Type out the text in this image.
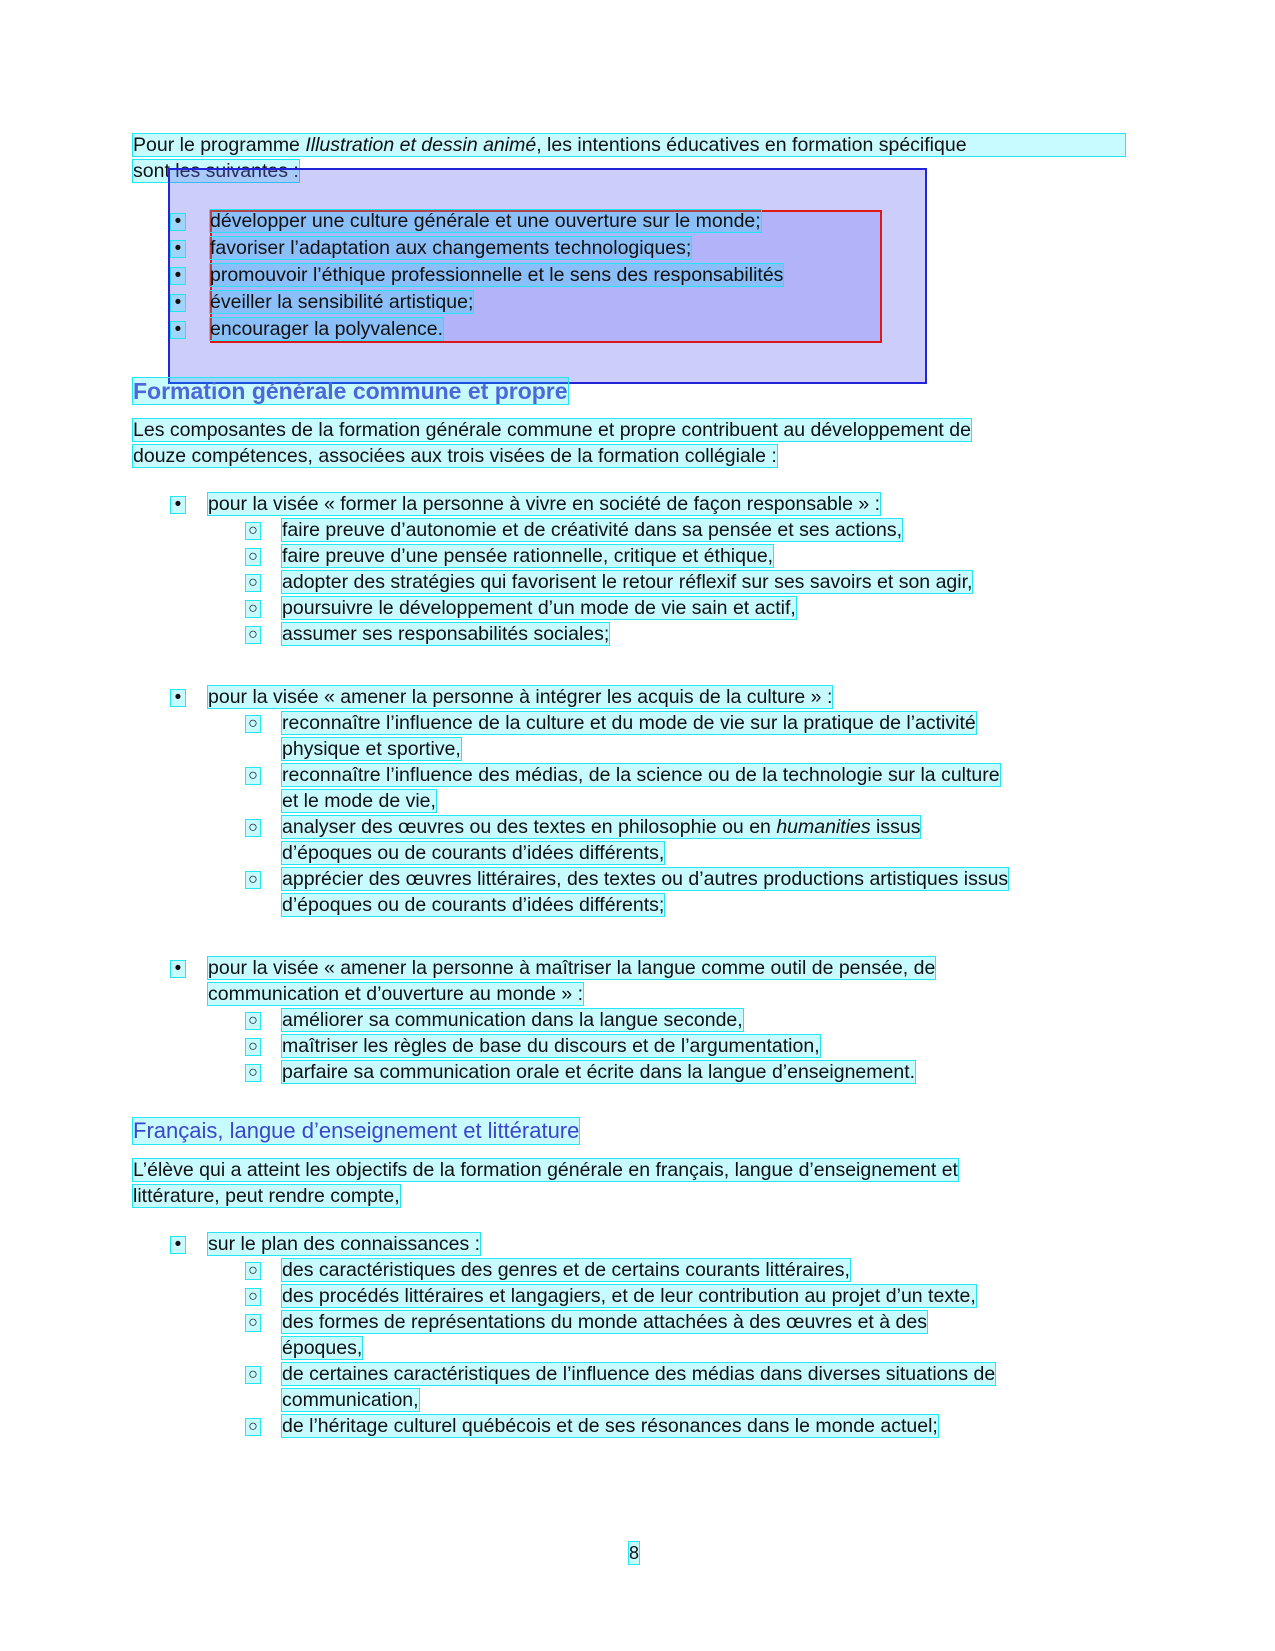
Pour le programme Illustration et dessin animé, les intentions éducatives en formation spécifique
sont les suivantes :
• développer une culture générale et une ouverture sur le monde;
• favoriser l’adaptation aux changements technologiques;
• promouvoir l’éthique professionnelle et le sens des responsabilités
• éveiller la sensibilité artistique;
• encourager la polyvalence.
Formation générale commune et propre
Les composantes de la formation générale commune et propre contribuent au développement de
douze compétences, associées aux trois visées de la formation collégiale :
• pour la visée « former la personne à vivre en société de façon responsable » :
○ faire preuve d’autonomie et de créativité dans sa pensée et ses actions,
○ faire preuve d’une pensée rationnelle, critique et éthique,
○ adopter des stratégies qui favorisent le retour réflexif sur ses savoirs et son agir,
○ poursuivre le développement d’un mode de vie sain et actif,
○ assumer ses responsabilités sociales;
• pour la visée « amener la personne à intégrer les acquis de la culture » :
○ reconnaître l’influence de la culture et du mode de vie sur la pratique de l’activité
physique et sportive,
○ reconnaître l’influence des médias, de la science ou de la technologie sur la culture
et le mode de vie,
○ analyser des œuvres ou des textes en philosophie ou en humanities issus
d’époques ou de courants d’idées différents,
○ apprécier des œuvres littéraires, des textes ou d’autres productions artistiques issus
d’époques ou de courants d’idées différents;
• pour la visée « amener la personne à maîtriser la langue comme outil de pensée, de
communication et d’ouverture au monde » :
○ améliorer sa communication dans la langue seconde,
○ maîtriser les règles de base du discours et de l’argumentation,
○ parfaire sa communication orale et écrite dans la langue d’enseignement.
Français, langue d’enseignement et littérature
L’élève qui a atteint les objectifs de la formation générale en français, langue d’enseignement et
littérature, peut rendre compte,
• sur le plan des connaissances :
○ des caractéristiques des genres et de certains courants littéraires,
○ des procédés littéraires et langagiers, et de leur contribution au projet d’un texte,
○ des formes de représentations du monde attachées à des œuvres et à des
époques,
○ de certaines caractéristiques de l’influence des médias dans diverses situations de
communication,
○ de l’héritage culturel québécois et de ses résonances dans le monde actuel;
8
